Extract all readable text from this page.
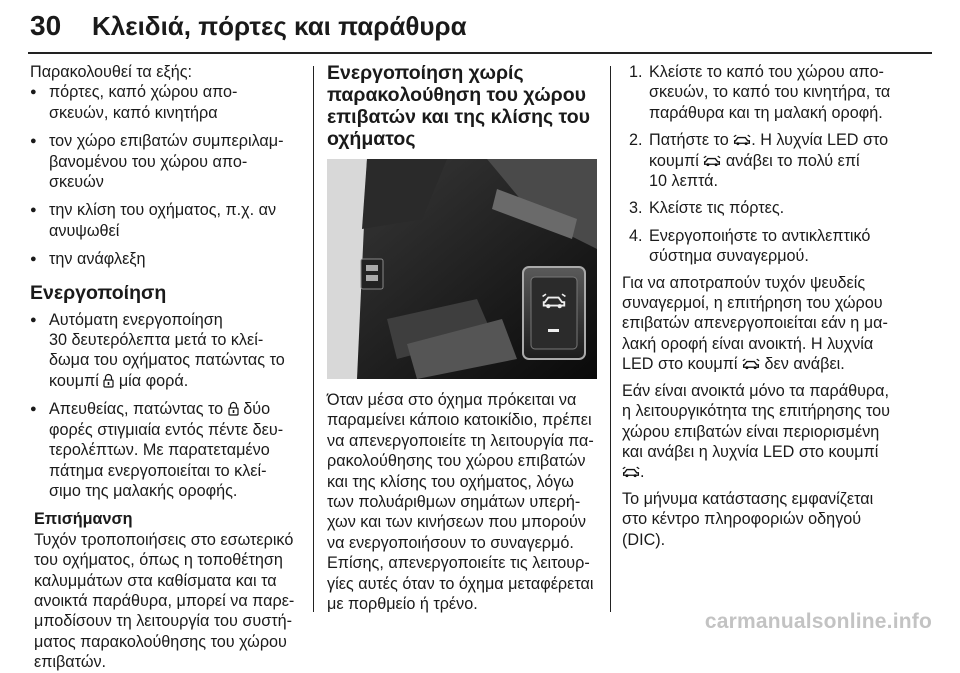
30 Κλειδιά, πόρτες και παράθυρα

Παρακολουθεί τα εξής:

● πόρτες, καπό χώρου απο-
σκευών, καπό κινητήρα
● τον χώρο επιβατών συμπεριλαμ-
βανομένου του χώρου απο-
σκευών
● την κλίση του οχήματος, π.χ. αν
ανυψωθεί
● την ανάφλεξη

Ενεργοποίηση

● Αυτόματη ενεργοποίηση
30 δευτερόλεπτα μετά το κλεί-
δωμα του οχήματος πατώντας το
κουμπί μία φορά.
● Απευθείας, πατώντας το δύο
φορές στιγμιαία εντός πέντε δευ-
τερολέπτων. Με παρατεταμένο
πάτημα ενεργοποιείται το κλεί-
σιμο της μαλακής οροφής.

Επισήμανση

Τυχόν τροποποιήσεις στο εσωτερικό
του οχήματος, όπως η τοποθέτηση
καλυμμάτων στα καθίσματα και τα
ανοικτά παράθυρα, μπορεί να παρε-
μποδίσουν τη λειτουργία του συστή-
ματος παρακολούθησης του χώρου
επιβατών.

Ενεργοποίηση χωρίς
παρακολούθηση του χώρου
επιβατών και της κλίσης του
οχήματος

Όταν μέσα στο όχημα πρόκειται να
παραμείνει κάποιο κατοικίδιο, πρέπει
να απενεργοποιείτε τη λειτουργία πα-
ρακολούθησης του χώρου επιβατών
και της κλίσης του οχήματος, λόγω
των πολυάριθμων σημάτων υπερή-
χων και των κινήσεων που μπορούν
να ενεργοποιήσουν το συναγερμό.
Επίσης, απενεργοποιείτε τις λειτουρ-
γίες αυτές όταν το όχημα μεταφέρεται
με πορθμείο ή τρένο.

1. Κλείστε το καπό του χώρου απο-
σκευών, το καπό του κινητήρα, τα
παράθυρα και τη μαλακή οροφή.
2. Πατήστε το . Η λυχνία LED στο
κουμπί ανάβει το πολύ επί
10 λεπτά.
3. Κλείστε τις πόρτες.
4. Ενεργοποιήστε το αντικλεπτικό
σύστημα συναγερμού.

Για να αποτραπούν τυχόν ψευδείς
συναγερμοί, η επιτήρηση του χώρου
επιβατών απενεργοποιείται εάν η μα-
λακή οροφή είναι ανοικτή. Η λυχνία
LED στο κουμπί δεν ανάβει.

Εάν είναι ανοικτά μόνο τα παράθυρα,
η λειτουργικότητα της επιτήρησης του
χώρου επιβατών είναι περιορισμένη
και ανάβει η λυχνία LED στο κουμπί
.

Το μήνυμα κατάστασης εμφανίζεται
στο κέντρο πληροφοριών οδηγού
(DIC).

carmanualsonline.info
